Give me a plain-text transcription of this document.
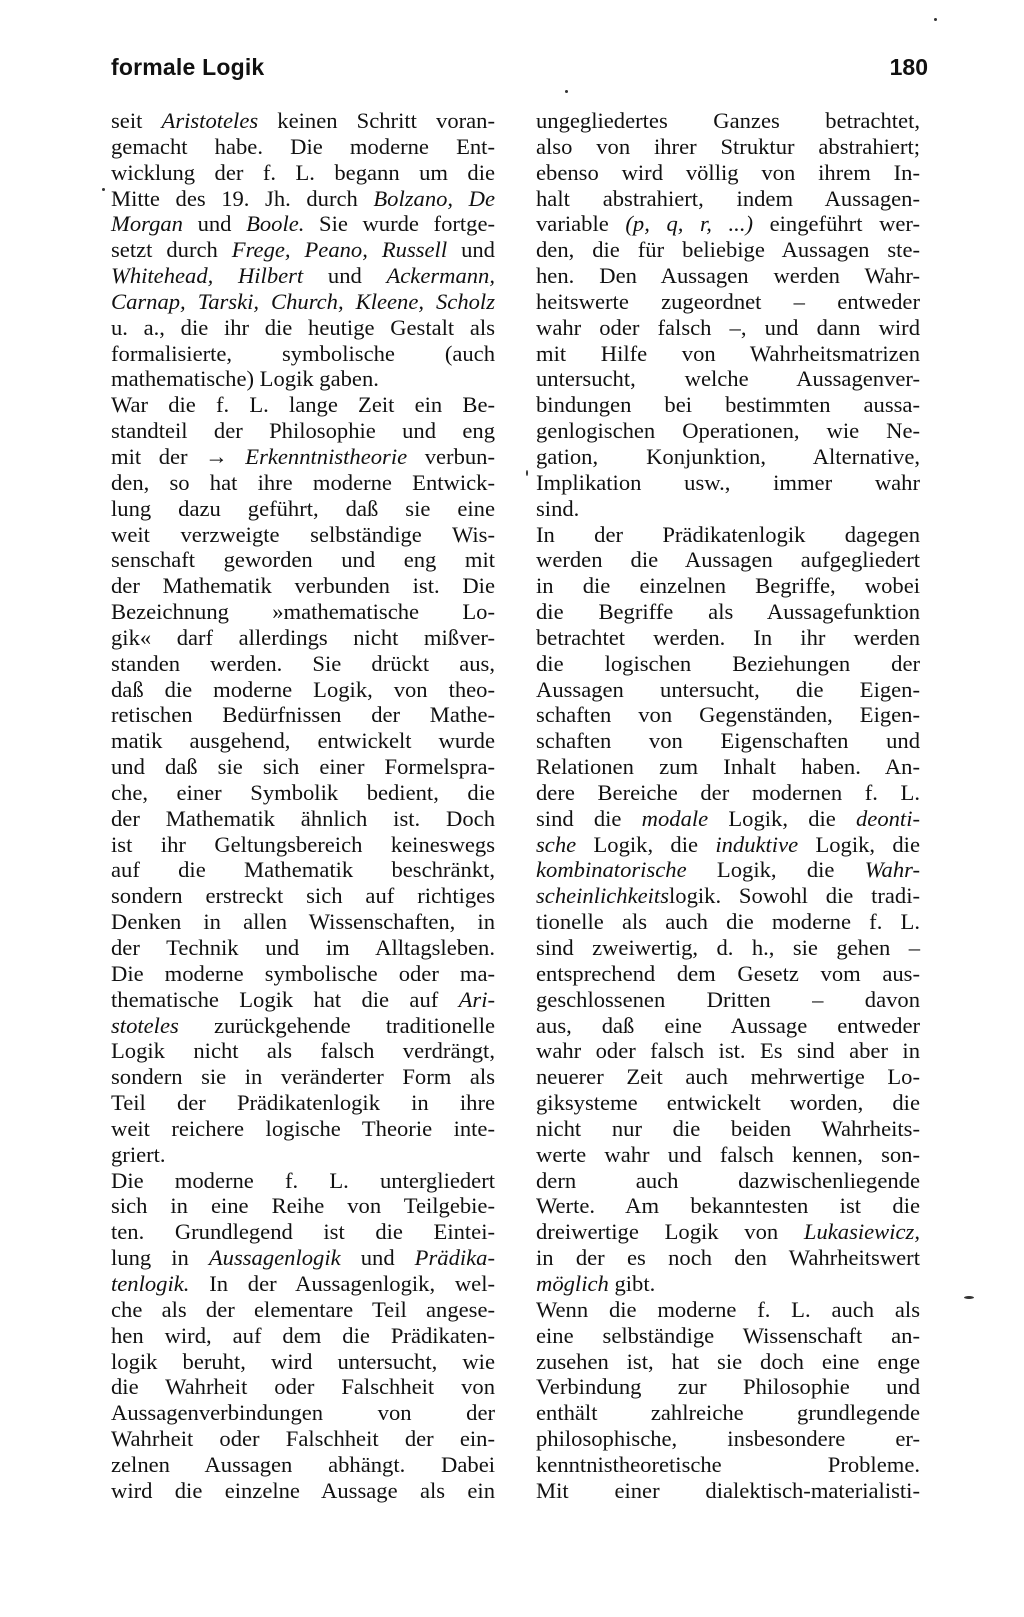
formale Logik	180
seit Aristoteles keinen Schritt voran-
gemacht habe. Die moderne Ent-
wicklung der f. L. begann um die
Mitte des 19. Jh. durch Bolzano, De
Morgan und Boole. Sie wurde fortge-
setzt durch Frege, Peano, Russell und
Whitehead, Hilbert und Ackermann,
Carnap, Tarski, Church, Kleene, Scholz
u. a., die ihr die heutige Gestalt als
formalisierte, symbolische (auch
mathematische) Logik gaben.
War die f. L. lange Zeit ein Be-
standteil der Philosophie und eng
mit der → Erkenntnistheorie verbun-
den, so hat ihre moderne Entwick-
lung dazu geführt, daß sie eine
weit verzweigte selbständige Wis-
senschaft geworden und eng mit
der Mathematik verbunden ist. Die
Bezeichnung »mathematische Lo-
gik« darf allerdings nicht mißver-
standen werden. Sie drückt aus,
daß die moderne Logik, von theo-
retischen Bedürfnissen der Mathe-
matik ausgehend, entwickelt wurde
und daß sie sich einer Formelspra-
che, einer Symbolik bedient, die
der Mathematik ähnlich ist. Doch
ist ihr Geltungsbereich keineswegs
auf die Mathematik beschränkt,
sondern erstreckt sich auf richtiges
Denken in allen Wissenschaften, in
der Technik und im Alltagsleben.
Die moderne symbolische oder ma-
thematische Logik hat die auf Ari-
stoteles zurückgehende traditionelle
Logik nicht als falsch verdrängt,
sondern sie in veränderter Form als
Teil der Prädikatenlogik in ihre
weit reichere logische Theorie inte-
griert.
Die moderne f. L. untergliedert
sich in eine Reihe von Teilgebie-
ten. Grundlegend ist die Eintei-
lung in Aussagenlogik und Prädika-
tenlogik. In der Aussagenlogik, wel-
che als der elementare Teil angese-
hen wird, auf dem die Prädikaten-
logik beruht, wird untersucht, wie
die Wahrheit oder Falschheit von
Aussagenverbindungen von der
Wahrheit oder Falschheit der ein-
zelnen Aussagen abhängt. Dabei
wird die einzelne Aussage als ein
ungegliedertes Ganzes betrachtet,
also von ihrer Struktur abstrahiert;
ebenso wird völlig von ihrem In-
halt abstrahiert, indem Aussagen-
variable (p, q, r, ...) eingeführt wer-
den, die für beliebige Aussagen ste-
hen. Den Aussagen werden Wahr-
heitswerte zugeordnet – entweder
wahr oder falsch –, und dann wird
mit Hilfe von Wahrheitsmatrizen
untersucht, welche Aussagenver-
bindungen bei bestimmten aussa-
genlogischen Operationen, wie Ne-
gation, Konjunktion, Alternative,
Implikation usw., immer wahr
sind.
In der Prädikatenlogik dagegen
werden die Aussagen aufgegliedert
in die einzelnen Begriffe, wobei
die Begriffe als Aussagefunktion
betrachtet werden. In ihr werden
die logischen Beziehungen der
Aussagen untersucht, die Eigen-
schaften von Gegenständen, Eigen-
schaften von Eigenschaften und
Relationen zum Inhalt haben. An-
dere Bereiche der modernen f. L.
sind die modale Logik, die deonti-
sche Logik, die induktive Logik, die
kombinatorische Logik, die Wahr-
scheinlichkeitslogik. Sowohl die tradi-
tionelle als auch die moderne f. L.
sind zweiwertig, d. h., sie gehen –
entsprechend dem Gesetz vom aus-
geschlossenen Dritten – davon
aus, daß eine Aussage entweder
wahr oder falsch ist. Es sind aber in
neuerer Zeit auch mehrwertige Lo-
giksysteme entwickelt worden, die
nicht nur die beiden Wahrheits-
werte wahr und falsch kennen, son-
dern auch dazwischenliegende
Werte. Am bekanntesten ist die
dreiwertige Logik von Lukasiewicz,
in der es noch den Wahrheitswert
möglich gibt.
Wenn die moderne f. L. auch als
eine selbständige Wissenschaft an-
zusehen ist, hat sie doch eine enge
Verbindung zur Philosophie und
enthält zahlreiche grundlegende
philosophische, insbesondere er-
kenntnistheoretische Probleme.
Mit einer dialektisch-materialisti-
